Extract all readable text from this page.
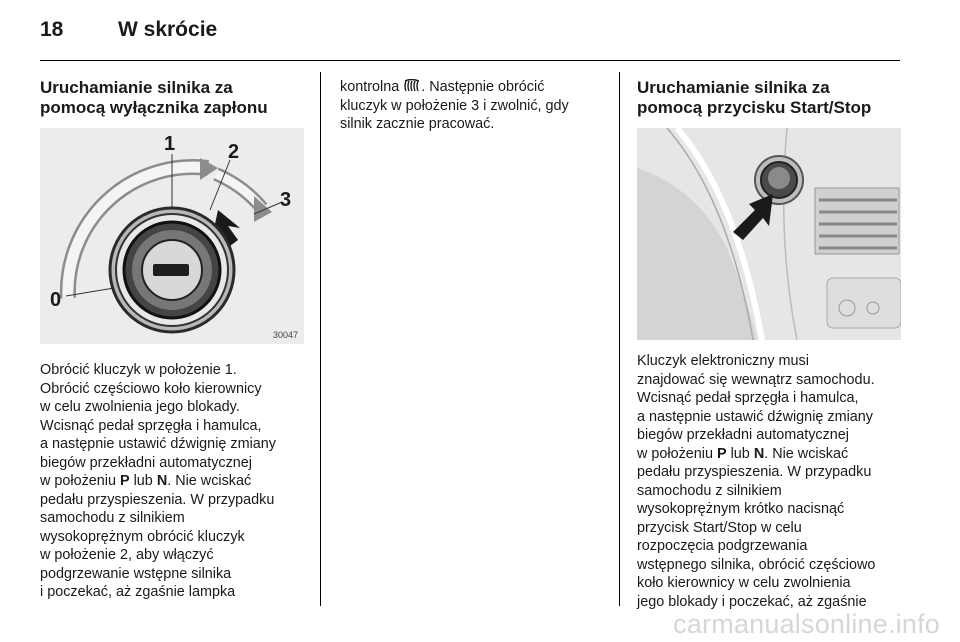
18	W skrócie
Uruchamianie silnika za
pomocą wyłącznika zapłonu
1	2
3
0
30047
Obrócić kluczyk w położenie 1.
Obrócić częściowo koło kierownicy
w celu zwolnienia jego blokady.
Wcisnąć pedał sprzęgła i hamulca,
a następnie ustawić dźwignię zmiany
biegów przekładni automatycznej
w położeniu P lub N. Nie wciskać
pedału przyspieszenia. W przypadku
samochodu z silnikiem
wysokoprężnym obrócić kluczyk
w położenie 2, aby włączyć
podgrzewanie wstępne silnika
i poczekać, aż zgaśnie lampka
kontrolna . Następnie obrócić
kluczyk w położenie 3 i zwolnić, gdy
silnik zacznie pracować.
Uruchamianie silnika za
pomocą przycisku Start/Stop
Kluczyk elektroniczny musi
znajdować się wewnątrz samochodu.
Wcisnąć pedał sprzęgła i hamulca,
a następnie ustawić dźwignię zmiany
biegów przekładni automatycznej
w położeniu P lub N. Nie wciskać
pedału przyspieszenia. W przypadku
samochodu z silnikiem
wysokoprężnym krótko nacisnąć
przycisk Start/Stop w celu
rozpoczęcia podgrzewania
wstępnego silnika, obrócić częściowo
koło kierownicy w celu zwolnienia
jego blokady i poczekać, aż zgaśnie
carmanualsonline.info
